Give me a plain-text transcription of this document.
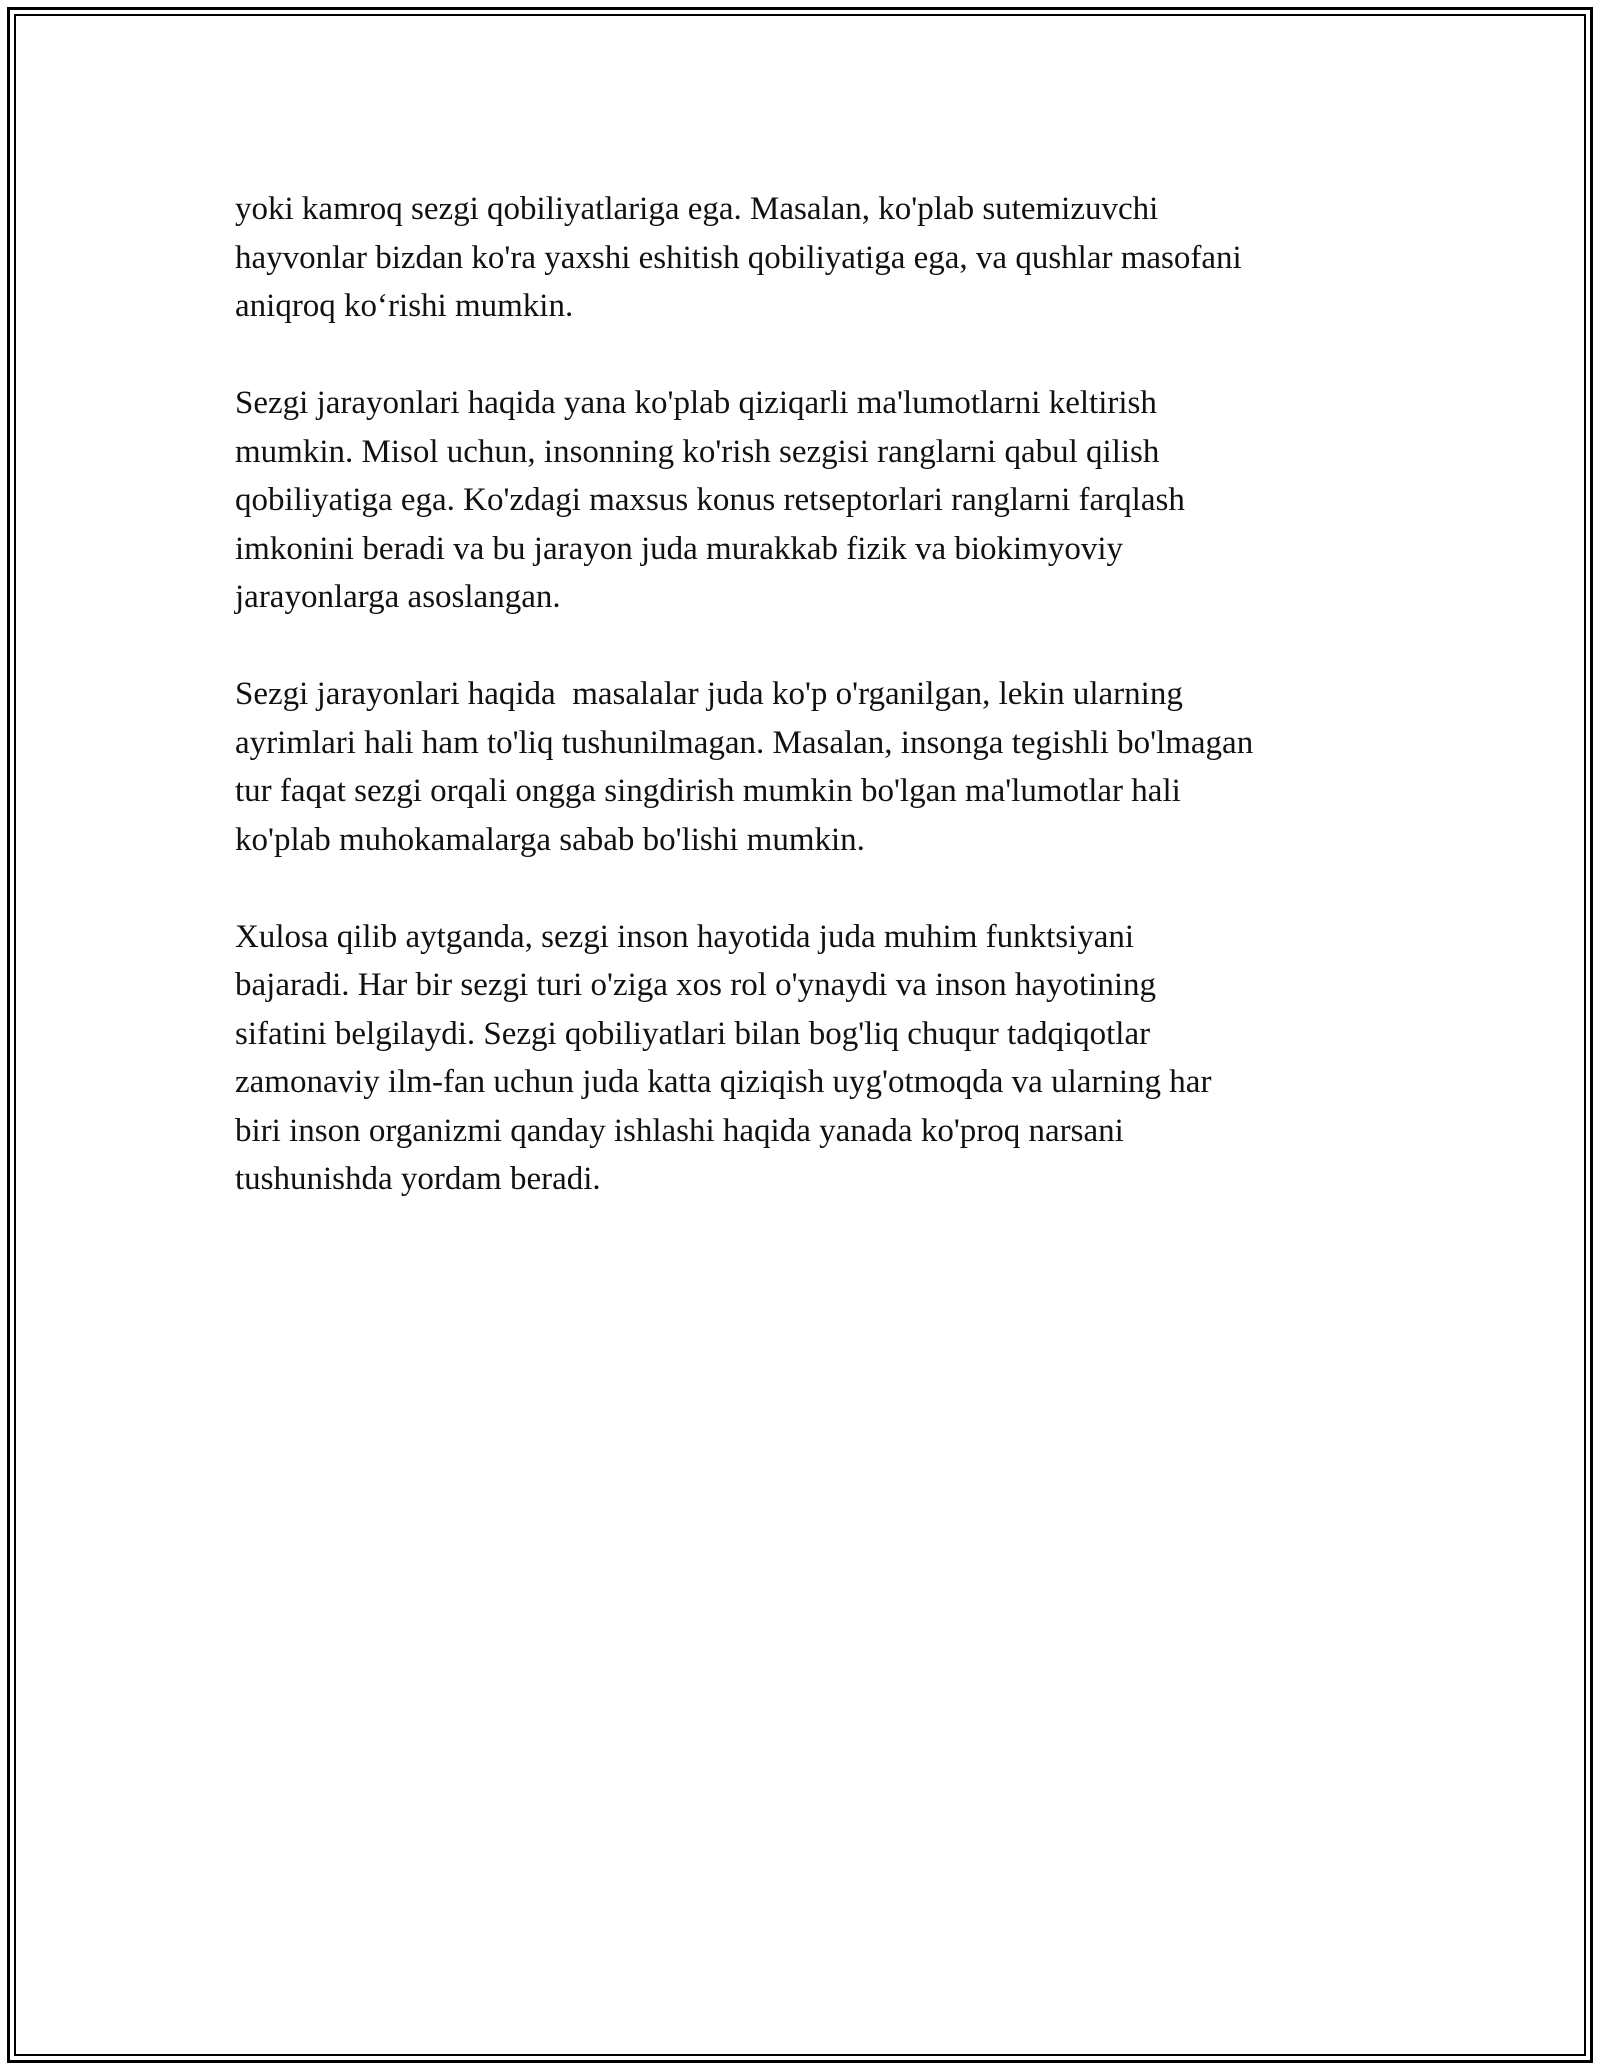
yoki kamroq sezgi qobiliyatlariga ega. Masalan, ko'plab sutemizuvchi
hayvonlar bizdan ko'ra yaxshi eshitish qobiliyatiga ega, va qushlar masofani
aniqroq ko‘rishi mumkin.

Sezgi jarayonlari haqida yana ko'plab qiziqarli ma'lumotlarni keltirish
mumkin. Misol uchun, insonning ko'rish sezgisi ranglarni qabul qilish
qobiliyatiga ega. Ko'zdagi maxsus konus retseptorlari ranglarni farqlash
imkonini beradi va bu jarayon juda murakkab fizik va biokimyoviy
jarayonlarga asoslangan.

Sezgi jarayonlari haqida  masalalar juda ko'p o'rganilgan, lekin ularning
ayrimlari hali ham to'liq tushunilmagan. Masalan, insonga tegishli bo'lmagan
tur faqat sezgi orqali ongga singdirish mumkin bo'lgan ma'lumotlar hali
ko'plab muhokamalarga sabab bo'lishi mumkin.

Xulosa qilib aytganda, sezgi inson hayotida juda muhim funktsiyani
bajaradi. Har bir sezgi turi o'ziga xos rol o'ynaydi va inson hayotining
sifatini belgilaydi. Sezgi qobiliyatlari bilan bog'liq chuqur tadqiqotlar
zamonaviy ilm-fan uchun juda katta qiziqish uyg'otmoqda va ularning har
biri inson organizmi qanday ishlashi haqida yanada ko'proq narsani
tushunishda yordam beradi.
